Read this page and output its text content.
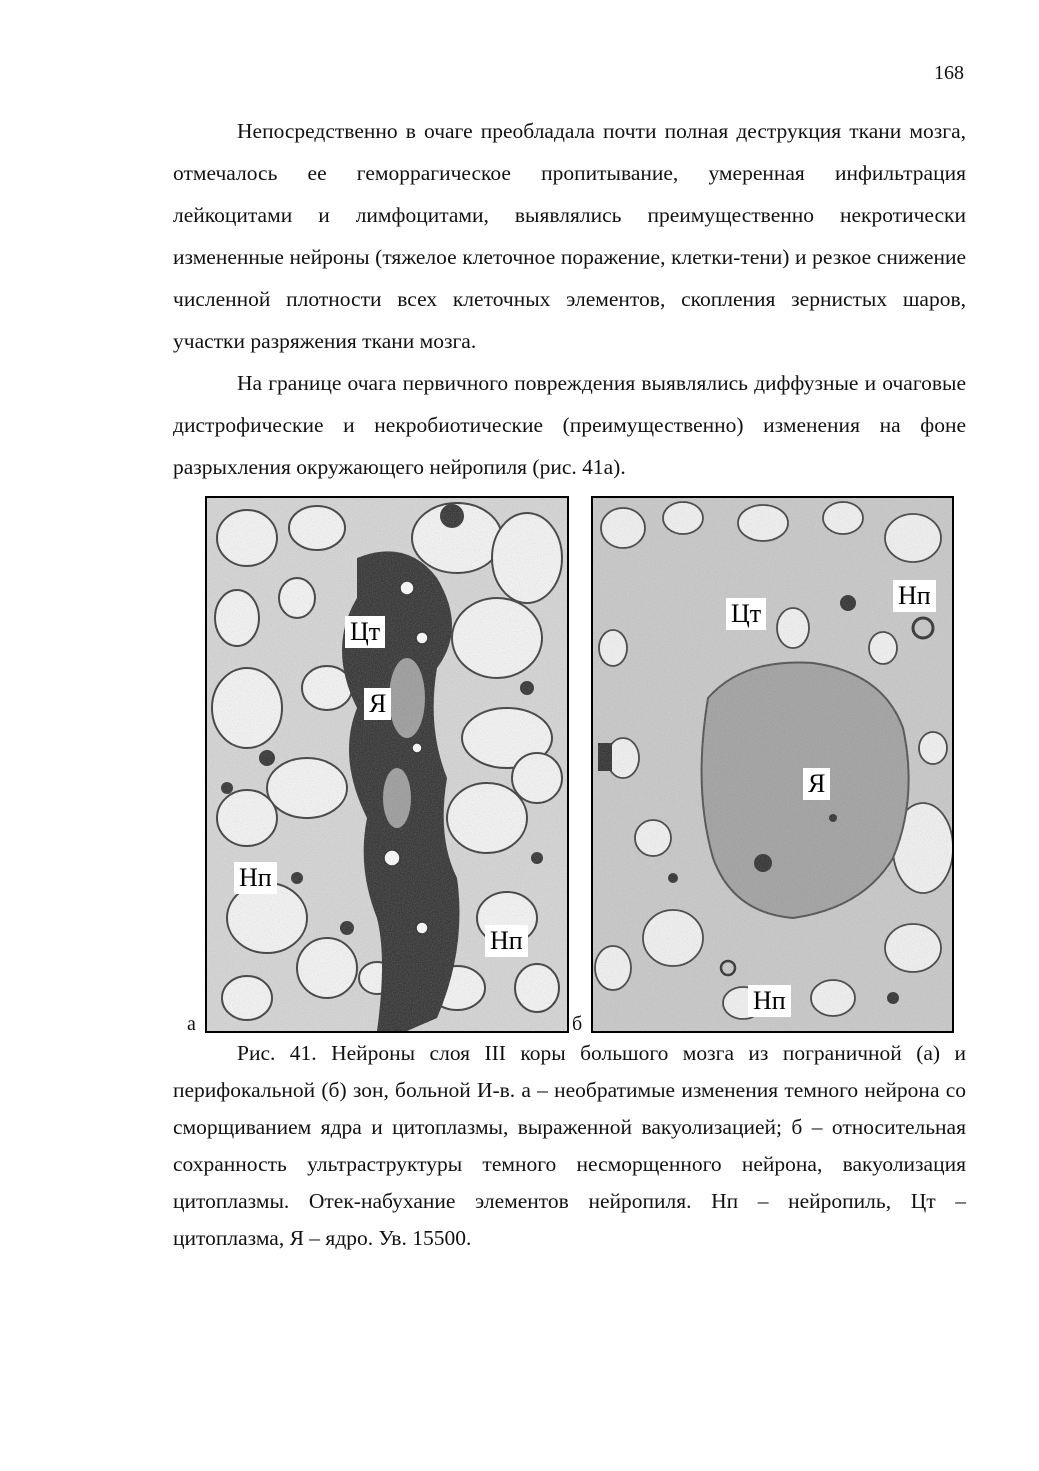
168

Непосредственно в очаге преобладала почти полная деструкция ткани мозга, отмечалось ее геморрагическое пропитывание, умеренная инфильтрация лейкоцитами и лимфоцитами, выявлялись преимущественно некротически измененные нейроны (тяжелое клеточное поражение, клетки-тени) и резкое снижение численной плотности всех клеточных элементов, скопления зернистых шаров, участки разряжения ткани мозга.

На границе очага первичного повреждения выявлялись диффузные и очаговые дистрофические и некробиотические (преимущественно) изменения на фоне разрыхления окружающего нейропиля (рис. 41а).

Цт
Я
Нп
Нп
а
Цт
Нп
Я
Нп
б

Рис. 41. Нейроны слоя III коры большого мозга из пограничной (а) и перифокальной (б) зон, больной И-в. а – необратимые изменения темного нейрона со сморщиванием ядра и цитоплазмы, выраженной вакуолизацией; б – относительная сохранность ультраструктуры темного несморщенного нейрона, вакуолизация цитоплазмы. Отек-набухание элементов нейропиля. Нп – нейропиль, Цт – цитоплазма, Я – ядро. Ув. 15500.
